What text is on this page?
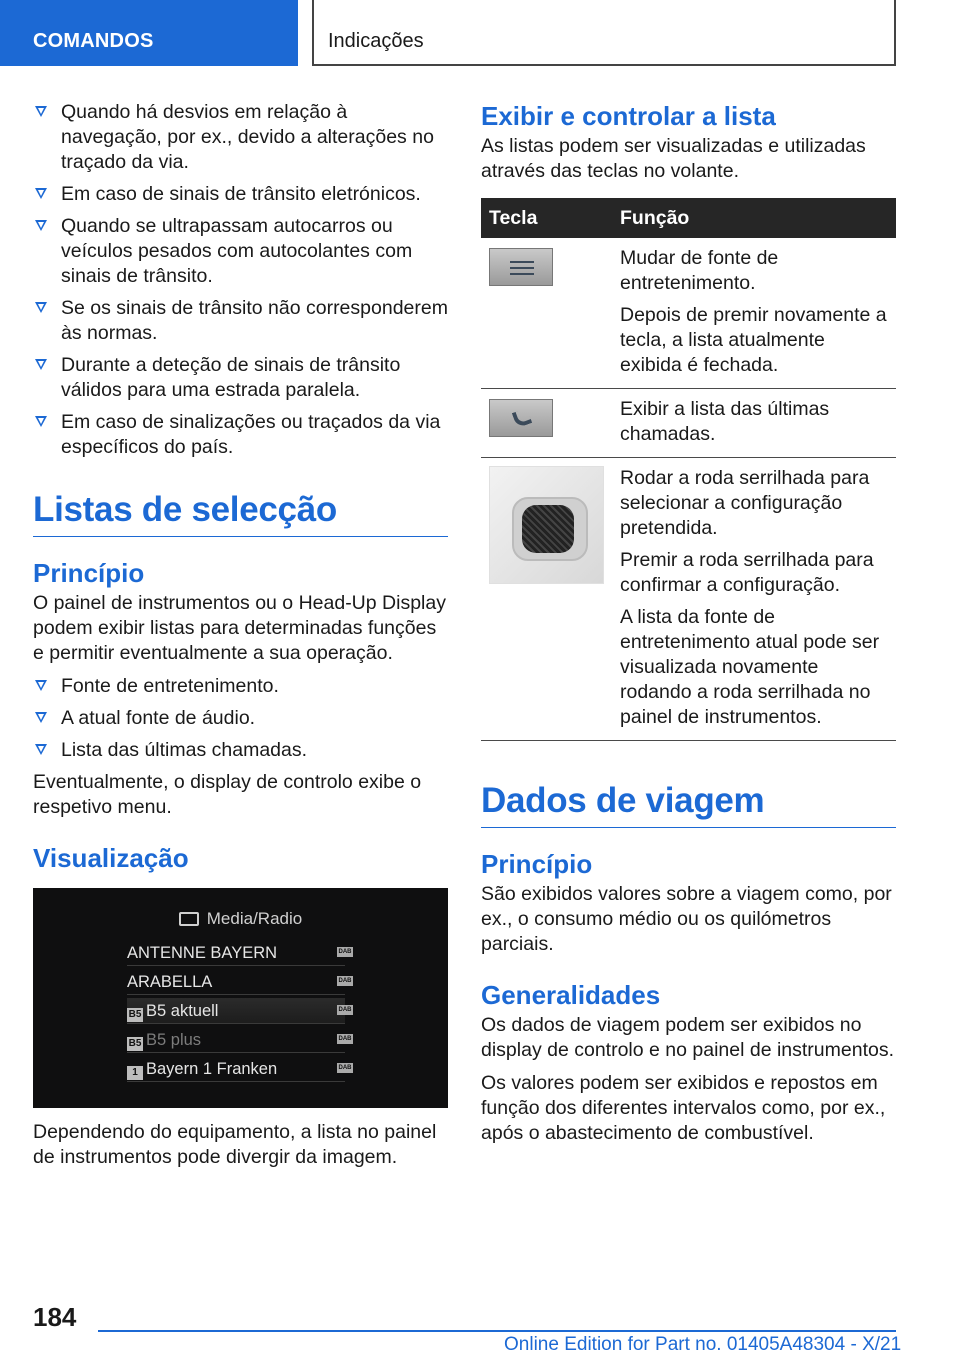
COMANDOS	Indicações
Quando há desvios em relação à navegação, por ex., devido a alterações no traçado da via.
Em caso de sinais de trânsito eletrónicos.
Quando se ultrapassam autocarros ou veículos pesados com autocolantes com sinais de trânsito.
Se os sinais de trânsito não corresponderem às normas.
Durante a deteção de sinais de trânsito válidos para uma estrada paralela.
Em caso de sinalizações ou traçados da via específicos do país.
Listas de selecção
Princípio

O painel de instrumentos ou o Head-Up Display podem exibir listas para determinadas funções e permitir eventualmente a sua operação.

Fonte de entretenimento.
A atual fonte de áudio.
Lista das últimas chamadas.

Eventualmente, o display de controlo exibe o respetivo menu.

Visualização
Media/Radio
ANTENNE BAYERN	DAB
ARABELLA	DAB
B5 B5 aktuell	DAB
B5 B5 plus	DAB
1 Bayern 1 Franken	DAB

Dependendo do equipamento, a lista no painel de instrumentos pode divergir da imagem.

Exibir e controlar a lista

As listas podem ser visualizadas e utilizadas através das teclas no volante.

Tecla	Função

	Mudar de fonte de entretenimento.

Depois de premir novamente a tecla, a lista atualmente exibida é fechada.

	Exibir a lista das últimas chamadas.

	Rodar a roda serrilhada para selecionar a configuração pretendida.

Premir a roda serrilhada para confirmar a configuração.

A lista da fonte de entretenimento atual pode ser visualizada novamente rodando a roda serrilhada no painel de instrumentos.

Dados de viagem
Princípio

São exibidos valores sobre a viagem como, por ex., o consumo médio ou os quilómetros parciais.

Generalidades

Os dados de viagem podem ser exibidos no display de controlo e no painel de instrumentos.

Os valores podem ser exibidos e repostos em função dos diferentes intervalos como, por ex., após o abastecimento de combustível.

184
Online Edition for Part no. 01405A48304 - X/21
